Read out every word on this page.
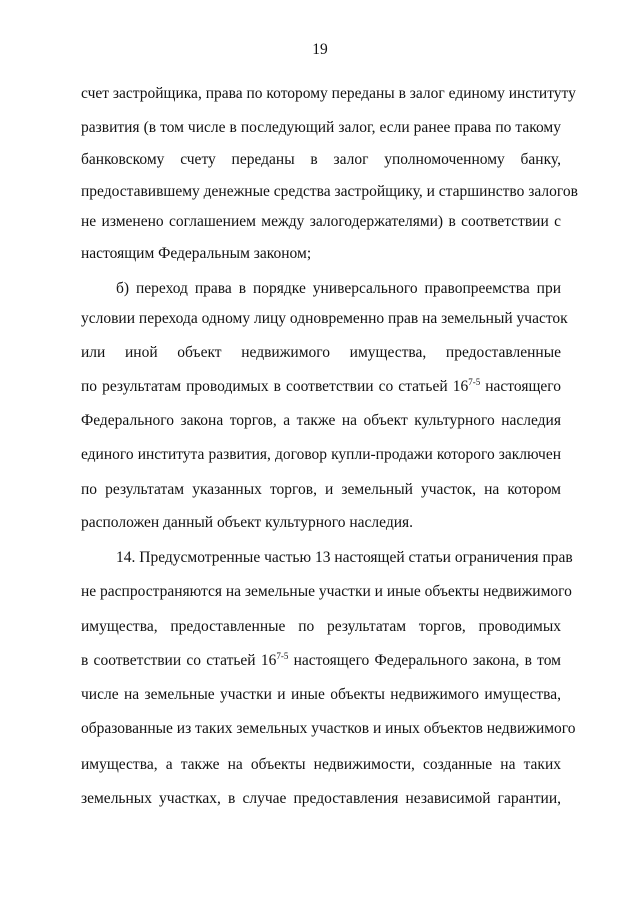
19
счет застройщика, права по которому переданы в залог единому институту
развития (в том числе в последующий залог, если ранее права по такому
банковскому счету переданы в залог уполномоченному банку,
предоставившему денежные средства застройщику, и старшинство залогов
не изменено соглашением между залогодержателями) в соответствии с
настоящим Федеральным законом;
б) переход права в порядке универсального правопреемства при
условии перехода одному лицу одновременно прав на земельный участок
или иной объект недвижимого имущества, предоставленные
по результатам проводимых в соответствии со статьей 16$^{7-5}$ настоящего
Федерального закона торгов, а также на объект культурного наследия
единого института развития, договор купли-продажи которого заключен
по результатам указанных торгов, и земельный участок, на котором
расположен данный объект культурного наследия.
14. Предусмотренные частью 13 настоящей статьи ограничения прав
не распространяются на земельные участки и иные объекты недвижимого
имущества, предоставленные по результатам торгов, проводимых
в соответствии со статьей 16$^{7-5}$ настоящего Федерального закона, в том
числе на земельные участки и иные объекты недвижимого имущества,
образованные из таких земельных участков и иных объектов недвижимого
имущества, а также на объекты недвижимости, созданные на таких
земельных участках, в случае предоставления независимой гарантии,
